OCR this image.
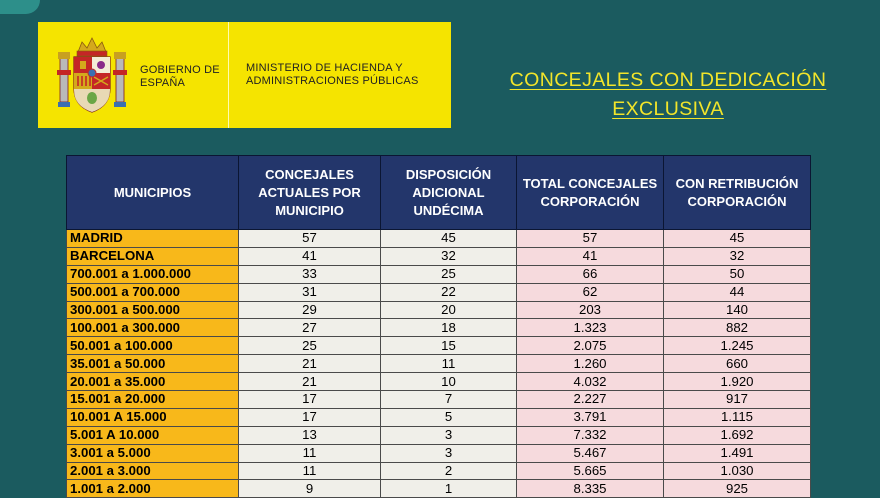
GOBIERNO DE ESPAÑA
MINISTERIO DE HACIENDA Y ADMINISTRACIONES PÚBLICAS	CONCEJALES CON DEDICACIÓN EXCLUSIVA
MUNICIPIOS	CONCEJALES ACTUALES POR MUNICIPIO	DISPOSICIÓN ADICIONAL UNDÉCIMA	TOTAL CONCEJALES CORPORACIÓN	CON RETRIBUCIÓN CORPORACIÓN
MADRID	57	45	57	45
BARCELONA	41	32	41	32
700.001 a 1.000.000	33	25	66	50
500.001 a 700.000	31	22	62	44
300.001 a 500.000	29	20	203	140
100.001 a 300.000	27	18	1.323	882
50.001 a 100.000	25	15	2.075	1.245
35.001 a 50.000	21	11	1.260	660
20.001 a 35.000	21	10	4.032	1.920
15.001 a 20.000	17	7	2.227	917
10.001 A 15.000	17	5	3.791	1.115
5.001 A 10.000	13	3	7.332	1.692
3.001 a 5.000	11	3	5.467	1.491
2.001 a 3.000	11	2	5.665	1.030
1.001 a 2.000	9	1	8.335	925
